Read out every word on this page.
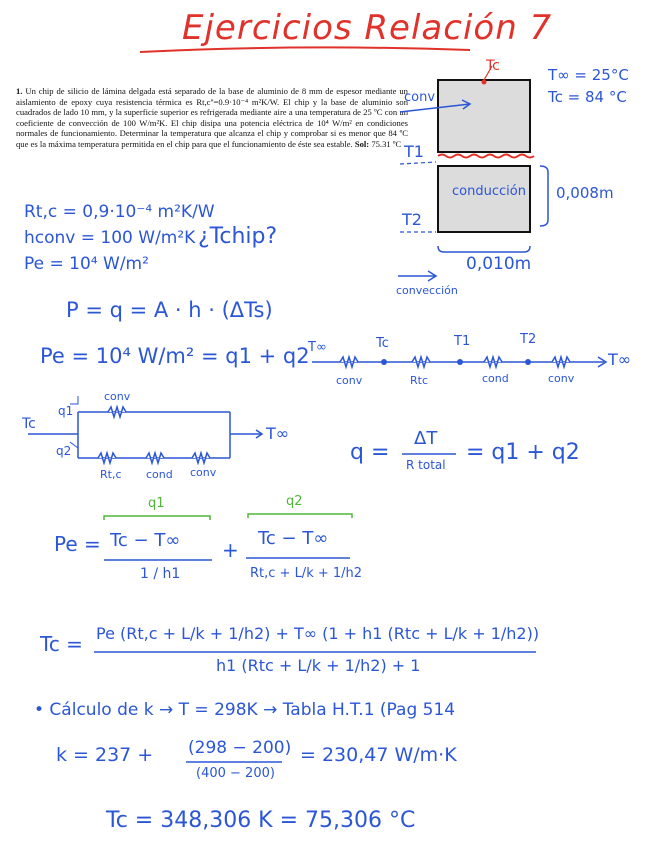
Ejercicios Relación 7
1. Un chip de silicio de lámina delgada está separado de la base de aluminio de 8 mm de espesor mediante un aislamiento de epoxy cuya resistencia térmica es Rt,c''=0.9·10⁻⁴ m²K/W. El chip y la base de aluminio son cuadrados de lado 10 mm, y la superficie superior es refrigerada mediante aire a una temperatura de 25 ºC con un coeficiente de convección de 100 W/m²K. El chip disipa una potencia eléctrica de 10⁴ W/m² en condiciones normales de funcionamiento. Determinar la temperatura que alcanza el chip y comprobar si es menor que 84 ºC que es la máxima temperatura permitida en el chip para que el funcionamiento de éste sea estable. Sol: 75.31 ºC
Tc	T∞ = 25°C
Tc = 84 °C
conv
T1
T2
conducción 0,008m
0,010m
convección
Rt,c = 0,9·10⁻⁴ m²K/W
hconv = 100 W/m²K
Pe = 10⁴ W/m²
¿Tchip?
P = q = A · h · (ΔTs)
Pe = 10⁴ W/m² = q1 + q2
T∞	Tc	T1	T2
T∞
conv	Rtc	cond	conv
Tc
q1
q2
conv
Rt,c cond conv
T∞
q =
ΔT
R total = q1 + q2
q1	q2
Pe = Tc − T∞
1 / h1
+ Tc − T∞
Rt,c + L/k + 1/h2
Tc = Pe (Rt,c + L/k + 1/h2) + T∞ (1 + h1 (Rtc + L/k + 1/h2))
h1 (Rtc + L/k + 1/h2) + 1
• Cálculo de k → T = 298K → Tabla H.T.1 (Pag 514
k = 237 + (298 − 200)
(400 − 200)
= 230,47 W/m·K
Tc = 348,306 K = 75,306 °C
